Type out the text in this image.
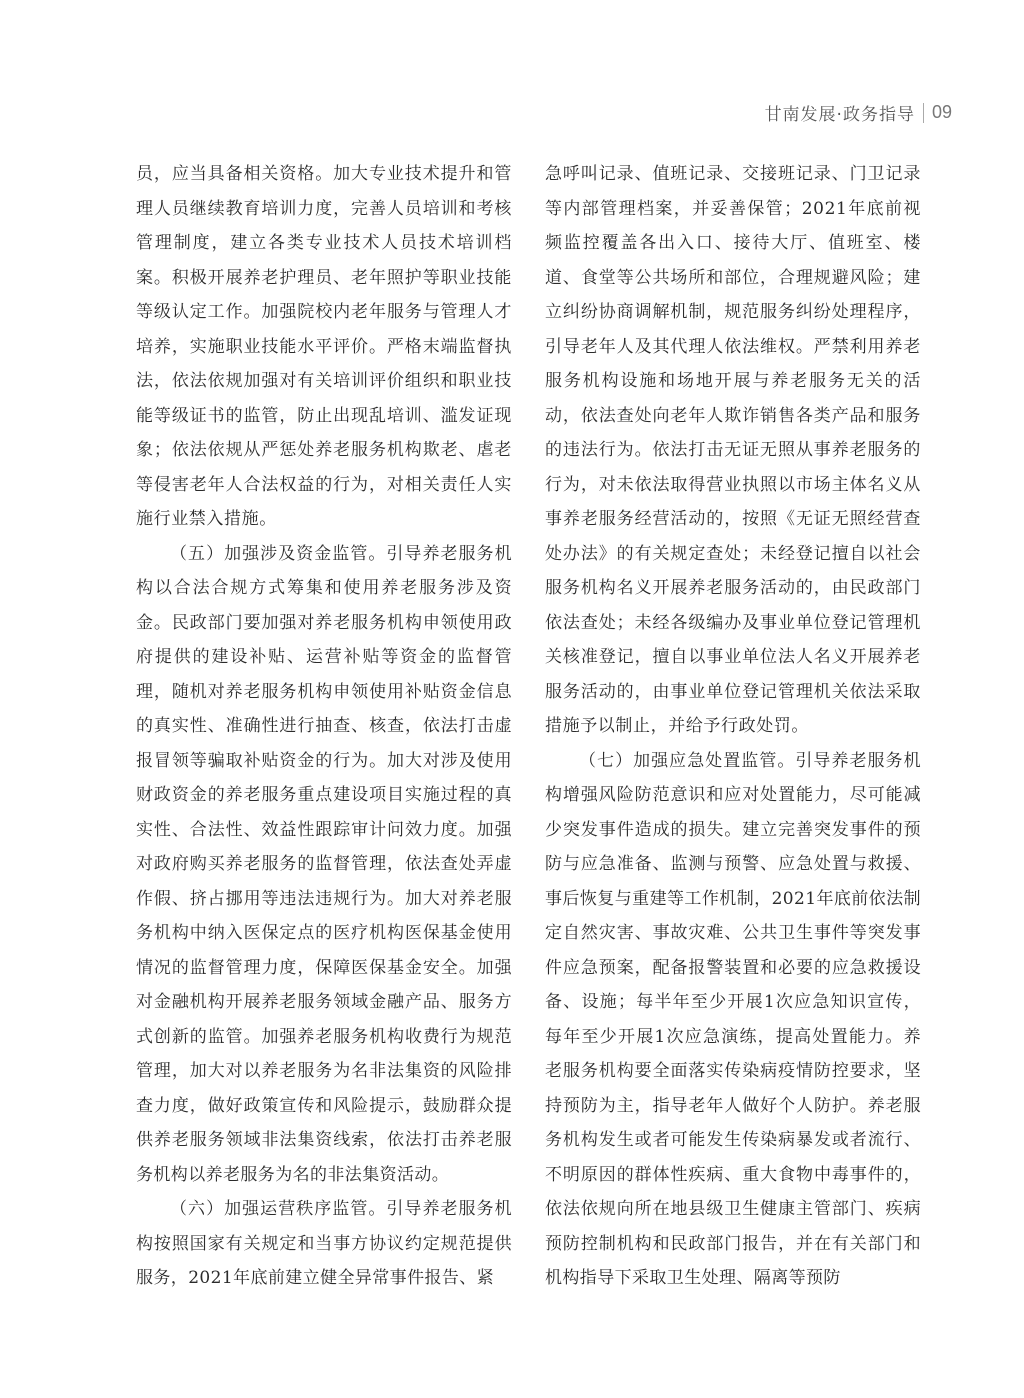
甘南发展·政务指导 09

员，应当具备相关资格。加大专业技术提升和管理人员继续教育培训力度，完善人员培训和考核管理制度，建立各类专业技术人员技术培训档案。积极开展养老护理员、老年照护等职业技能等级认定工作。加强院校内老年服务与管理人才培养，实施职业技能水平评价。严格末端监督执法，依法依规加强对有关培训评价组织和职业技能等级证书的监管，防止出现乱培训、滥发证现象；依法依规从严惩处养老服务机构欺老、虐老等侵害老年人合法权益的行为，对相关责任人实施行业禁入措施。

（五）加强涉及资金监管。引导养老服务机构以合法合规方式筹集和使用养老服务涉及资金。民政部门要加强对养老服务机构申领使用政府提供的建设补贴、运营补贴等资金的监督管理，随机对养老服务机构申领使用补贴资金信息的真实性、准确性进行抽查、核查，依法打击虚报冒领等骗取补贴资金的行为。加大对涉及使用财政资金的养老服务重点建设项目实施过程的真实性、合法性、效益性跟踪审计问效力度。加强对政府购买养老服务的监督管理，依法查处弄虚作假、挤占挪用等违法违规行为。加大对养老服务机构中纳入医保定点的医疗机构医保基金使用情况的监督管理力度，保障医保基金安全。加强对金融机构开展养老服务领域金融产品、服务方式创新的监管。加强养老服务机构收费行为规范管理，加大对以养老服务为名非法集资的风险排查力度，做好政策宣传和风险提示，鼓励群众提供养老服务领域非法集资线索，依法打击养老服务机构以养老服务为名的非法集资活动。

（六）加强运营秩序监管。引导养老服务机构按照国家有关规定和当事方协议约定规范提供服务，2021年底前建立健全异常事件报告、紧

急呼叫记录、值班记录、交接班记录、门卫记录等内部管理档案，并妥善保管；2021年底前视频监控覆盖各出入口、接待大厅、值班室、楼道、食堂等公共场所和部位，合理规避风险；建立纠纷协商调解机制，规范服务纠纷处理程序，引导老年人及其代理人依法维权。严禁利用养老服务机构设施和场地开展与养老服务无关的活动，依法查处向老年人欺诈销售各类产品和服务的违法行为。依法打击无证无照从事养老服务的行为，对未依法取得营业执照以市场主体名义从事养老服务经营活动的，按照《无证无照经营查处办法》的有关规定查处；未经登记擅自以社会服务机构名义开展养老服务活动的，由民政部门依法查处；未经各级编办及事业单位登记管理机关核准登记，擅自以事业单位法人名义开展养老服务活动的，由事业单位登记管理机关依法采取措施予以制止，并给予行政处罚。

（七）加强应急处置监管。引导养老服务机构增强风险防范意识和应对处置能力，尽可能减少突发事件造成的损失。建立完善突发事件的预防与应急准备、监测与预警、应急处置与救援、事后恢复与重建等工作机制，2021年底前依法制定自然灾害、事故灾难、公共卫生事件等突发事件应急预案，配备报警装置和必要的应急救援设备、设施；每半年至少开展1次应急知识宣传，每年至少开展1次应急演练，提高处置能力。养老服务机构要全面落实传染病疫情防控要求，坚持预防为主，指导老年人做好个人防护。养老服务机构发生或者可能发生传染病暴发或者流行、不明原因的群体性疾病、重大食物中毒事件的，依法依规向所在地县级卫生健康主管部门、疾病预防控制机构和民政部门报告，并在有关部门和机构指导下采取卫生处理、隔离等预防
